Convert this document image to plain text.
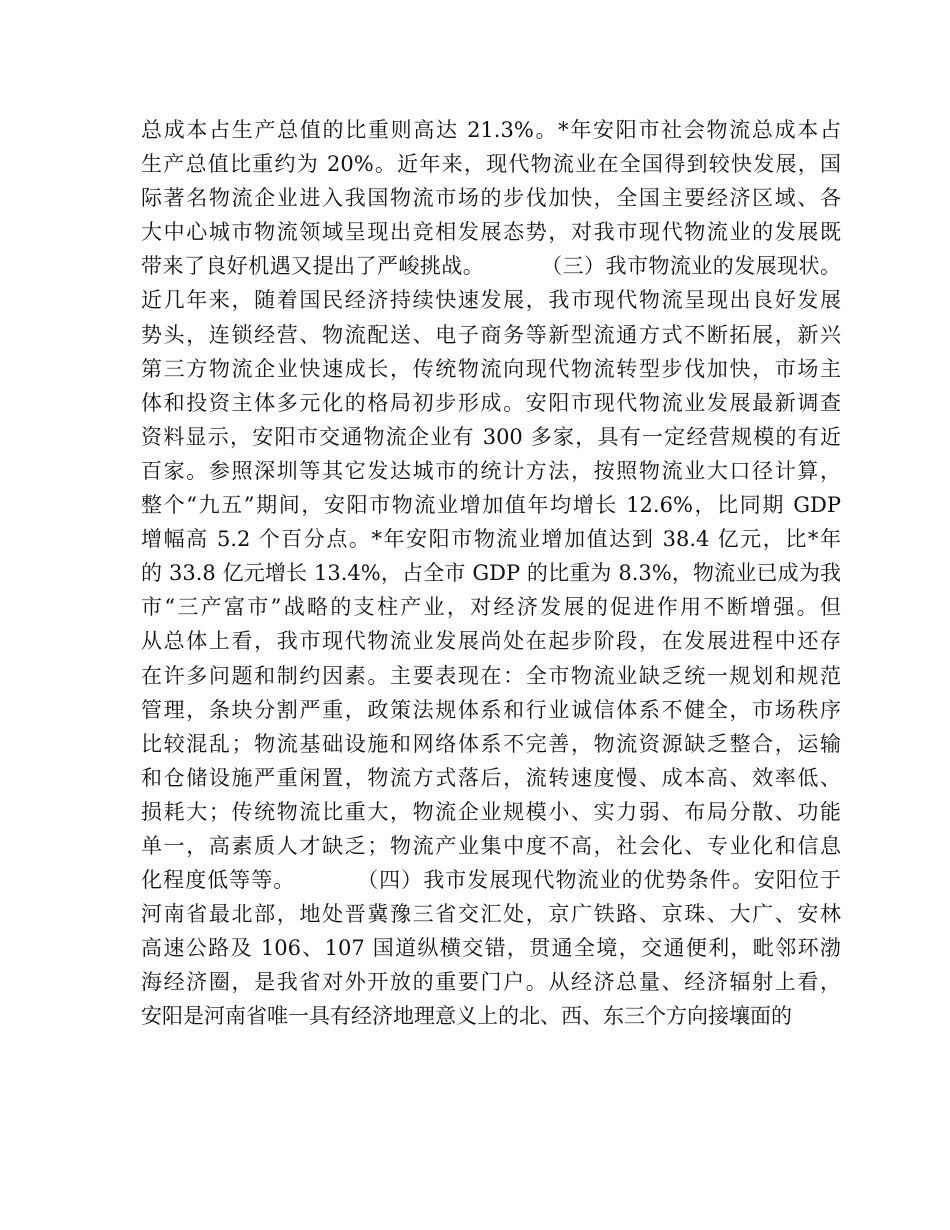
总成本占生产总值的比重则高达 21.3%。*年安阳市社会物流总成本占
生产总值比重约为 20%。近年来，现代物流业在全国得到较快发展，国
际著名物流企业进入我国物流市场的步伐加快，全国主要经济区域、各
大中心城市物流领域呈现出竞相发展态势，对我市现代物流业的发展既
带来了良好机遇又提出了严峻挑战。        （三）我市物流业的发展现状。
近几年来，随着国民经济持续快速发展，我市现代物流呈现出良好发展
势头，连锁经营、物流配送、电子商务等新型流通方式不断拓展，新兴
第三方物流企业快速成长，传统物流向现代物流转型步伐加快，市场主
体和投资主体多元化的格局初步形成。安阳市现代物流业发展最新调查
资料显示，安阳市交通物流企业有 300 多家，具有一定经营规模的有近
百家。参照深圳等其它发达城市的统计方法，按照物流业大口径计算，
整个“九五”期间，安阳市物流业增加值年均增长 12.6%，比同期 GDP
增幅高 5.2 个百分点。*年安阳市物流业增加值达到 38.4 亿元，比*年
的 33.8 亿元增长 13.4%，占全市 GDP 的比重为 8.3%，物流业已成为我
市“三产富市”战略的支柱产业，对经济发展的促进作用不断增强。但
从总体上看，我市现代物流业发展尚处在起步阶段，在发展进程中还存
在许多问题和制约因素。主要表现在：全市物流业缺乏统一规划和规范
管理，条块分割严重，政策法规体系和行业诚信体系不健全，市场秩序
比较混乱；物流基础设施和网络体系不完善，物流资源缺乏整合，运输
和仓储设施严重闲置，物流方式落后，流转速度慢、成本高、效率低、
损耗大；传统物流比重大，物流企业规模小、实力弱、布局分散、功能
单一，高素质人才缺乏；物流产业集中度不高，社会化、专业化和信息
化程度低等等。        （四）我市发展现代物流业的优势条件。安阳位于
河南省最北部，地处晋冀豫三省交汇处，京广铁路、京珠、大广、安林
高速公路及 106、107 国道纵横交错，贯通全境，交通便利，毗邻环渤
海经济圈，是我省对外开放的重要门户。从经济总量、经济辐射上看，
安阳是河南省唯一具有经济地理意义上的北、西、东三个方向接壤面的
